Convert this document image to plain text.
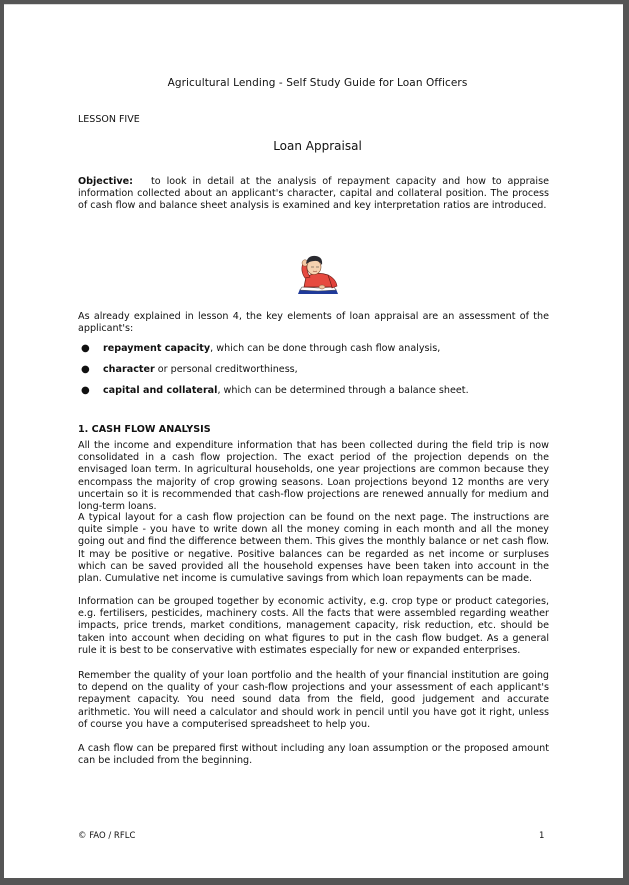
Agricultural Lending - Self Study Guide for Loan Officers
LESSON FIVE
Loan Appraisal

Objective: to look in detail at the analysis of repayment capacity and how to appraise information collected about an applicant's character, capital and collateral position. The process of cash flow and balance sheet analysis is examined and key interpretation ratios are introduced.

As already explained in lesson 4, the key elements of loan appraisal are an assessment of the applicant's:
● repayment capacity, which can be done through cash flow analysis,
● character or personal creditworthiness,
● capital and collateral, which can be determined through a balance sheet.
1. CASH FLOW ANALYSIS
All the income and expenditure information that has been collected during the field trip is now consolidated in a cash flow projection. The exact period of the projection depends on the envisaged loan term. In agricultural households, one year projections are common because they encompass the majority of crop growing seasons. Loan projections beyond 12 months are very uncertain so it is recommended that cash-flow projections are renewed annually for medium and long-term loans.
A typical layout for a cash flow projection can be found on the next page. The instructions are quite simple - you have to write down all the money coming in each month and all the money going out and find the difference between them. This gives the monthly balance or net cash flow. It may be positive or negative. Positive balances can be regarded as net income or surpluses which can be saved provided all the household expenses have been taken into account in the plan. Cumulative net income is cumulative savings from which loan repayments can be made.
Information can be grouped together by economic activity, e.g. crop type or product categories, e.g. fertilisers, pesticides, machinery costs. All the facts that were assembled regarding weather impacts, price trends, market conditions, management capacity, risk reduction, etc. should be taken into account when deciding on what figures to put in the cash flow budget. As a general rule it is best to be conservative with estimates especially for new or expanded enterprises.
Remember the quality of your loan portfolio and the health of your financial institution are going to depend on the quality of your cash-flow projections and your assessment of each applicant's repayment capacity. You need sound data from the field, good judgement and accurate arithmetic. You will need a calculator and should work in pencil until you have got it right, unless of course you have a computerised spreadsheet to help you.
A cash flow can be prepared first without including any loan assumption or the proposed amount can be included from the beginning.
© FAO / RFLC	1
